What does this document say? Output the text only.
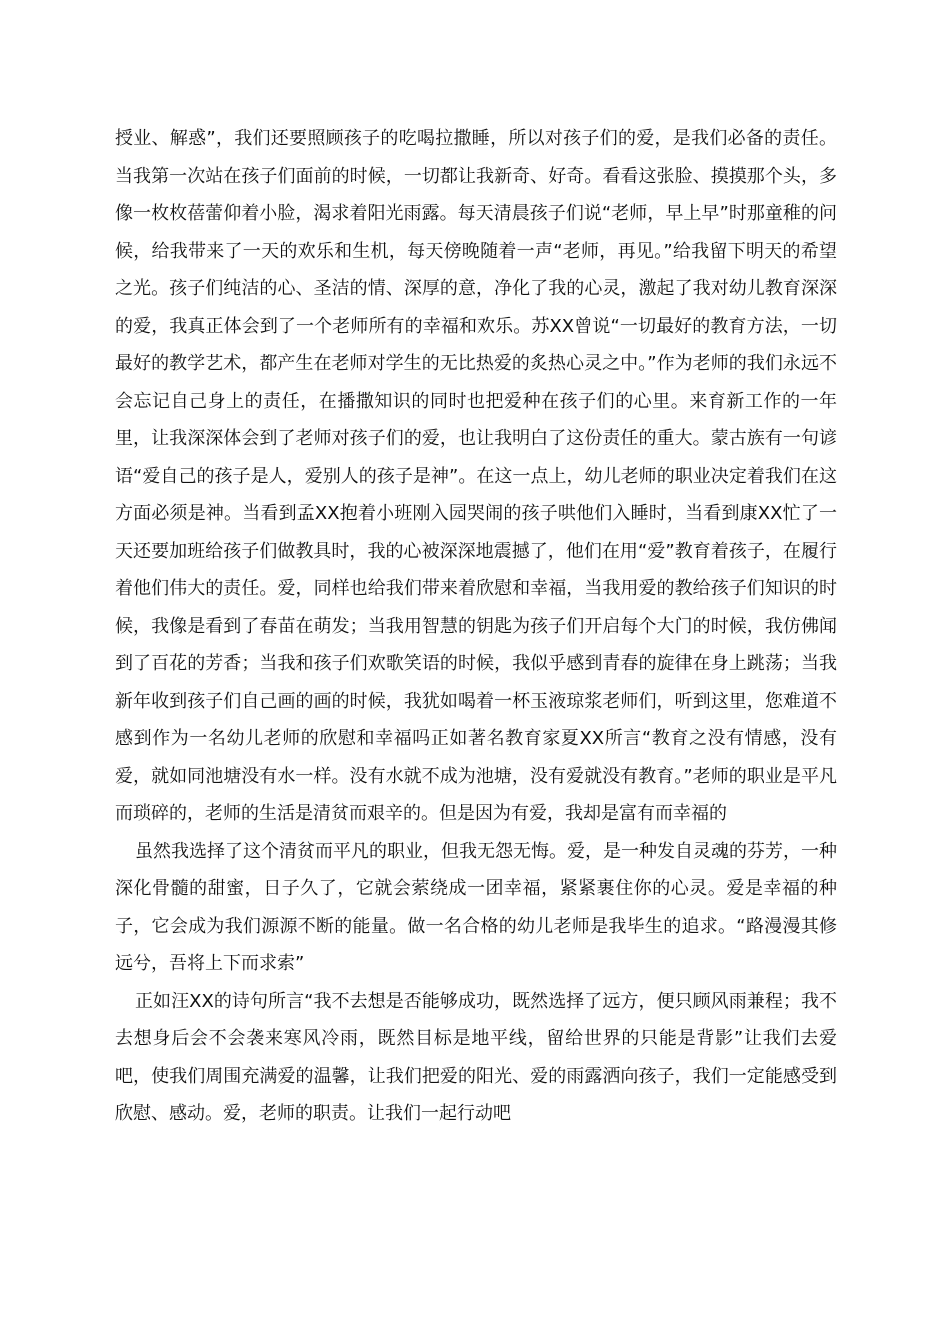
授业、解惑”，我们还要照顾孩子的吃喝拉撒睡，所以对孩子们的爱，是我们必备的责任。当我第一次站在孩子们面前的时候，一切都让我新奇、好奇。看看这张脸、摸摸那个头，多像一枚枚蓓蕾仰着小脸，渴求着阳光雨露。每天清晨孩子们说“老师，早上早”时那童稚的问候，给我带来了一天的欢乐和生机，每天傍晚随着一声“老师，再见。”给我留下明天的希望之光。孩子们纯洁的心、圣洁的情、深厚的意，净化了我的心灵，激起了我对幼儿教育深深的爱，我真正体会到了一个老师所有的幸福和欢乐。苏XX曾说“一切最好的教育方法，一切最好的教学艺术，都产生在老师对学生的无比热爱的炙热心灵之中。”作为老师的我们永远不会忘记自己身上的责任，在播撒知识的同时也把爱种在孩子们的心里。来育新工作的一年里，让我深深体会到了老师对孩子们的爱，也让我明白了这份责任的重大。蒙古族有一句谚语“爱自己的孩子是人，爱别人的孩子是神”。在这一点上，幼儿老师的职业决定着我们在这方面必须是神。当看到孟XX抱着小班刚入园哭闹的孩子哄他们入睡时，当看到康XX忙了一天还要加班给孩子们做教具时，我的心被深深地震撼了，他们在用“爱”教育着孩子，在履行着他们伟大的责任。爱，同样也给我们带来着欣慰和幸福，当我用爱的教给孩子们知识的时候，我像是看到了春苗在萌发；当我用智慧的钥匙为孩子们开启每个大门的时候，我仿佛闻到了百花的芳香；当我和孩子们欢歌笑语的时候，我似乎感到青春的旋律在身上跳荡；当我新年收到孩子们自己画的画的时候，我犹如喝着一杯玉液琼浆老师们，听到这里，您难道不感到作为一名幼儿老师的欣慰和幸福吗正如著名教育家夏XX所言“教育之没有情感，没有爱，就如同池塘没有水一样。没有水就不成为池塘，没有爱就没有教育。”老师的职业是平凡而琐碎的，老师的生活是清贫而艰辛的。但是因为有爱，我却是富有而幸福的

虽然我选择了这个清贫而平凡的职业，但我无怨无悔。爱，是一种发自灵魂的芬芳，一种深化骨髓的甜蜜，日子久了，它就会萦绕成一团幸福，紧紧裹住你的心灵。爱是幸福的种子，它会成为我们源源不断的能量。做一名合格的幼儿老师是我毕生的追求。“路漫漫其修远兮，吾将上下而求索”

正如汪XX的诗句所言“我不去想是否能够成功，既然选择了远方，便只顾风雨兼程；我不去想身后会不会袭来寒风冷雨，既然目标是地平线，留给世界的只能是背影”让我们去爱吧，使我们周围充满爱的温馨，让我们把爱的阳光、爱的雨露洒向孩子，我们一定能感受到欣慰、感动。爱，老师的职责。让我们一起行动吧
